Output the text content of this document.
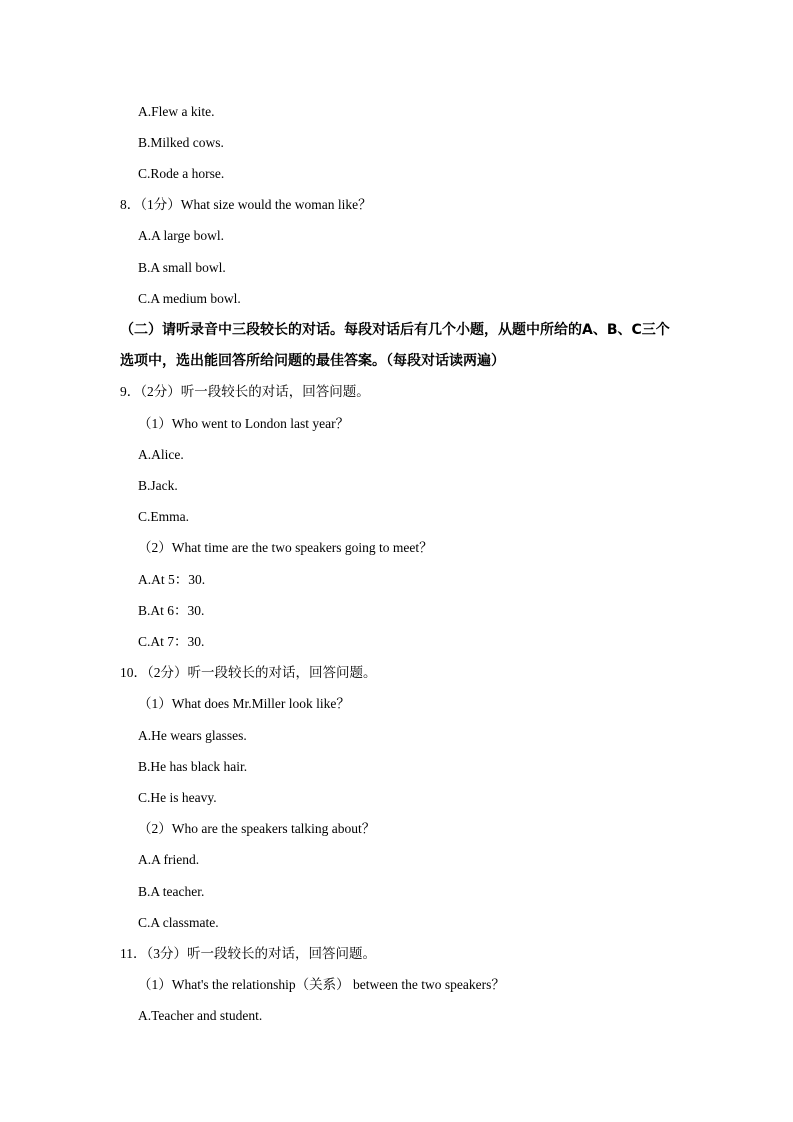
A.Flew a kite.
B.Milked cows.
C.Rode a horse.
8．（1分）What size would the woman like？
A.A large bowl.
B.A small bowl.
C.A medium bowl.
（二）请听录音中三段较长的对话。每段对话后有几个小题，从题中所给的A、B、C三个
选项中，选出能回答所给问题的最佳答案。（每段对话读两遍）
9．（2分）听一段较长的对话，回答问题。
（1）Who went to London last year？
A.Alice.
B.Jack.
C.Emma.
（2）What time are the two speakers going to meet？
A.At 5：30.
B.At 6：30.
C.At 7：30.
10．（2分）听一段较长的对话，回答问题。
（1）What does Mr.Miller look like？
A.He wears glasses.
B.He has black hair.
C.He is heavy.
（2）Who are the speakers talking about？
A.A friend.
B.A teacher.
C.A classmate.
11．（3分）听一段较长的对话，回答问题。
（1）What's the relationship（关系） between the two speakers？
A.Teacher and student.
